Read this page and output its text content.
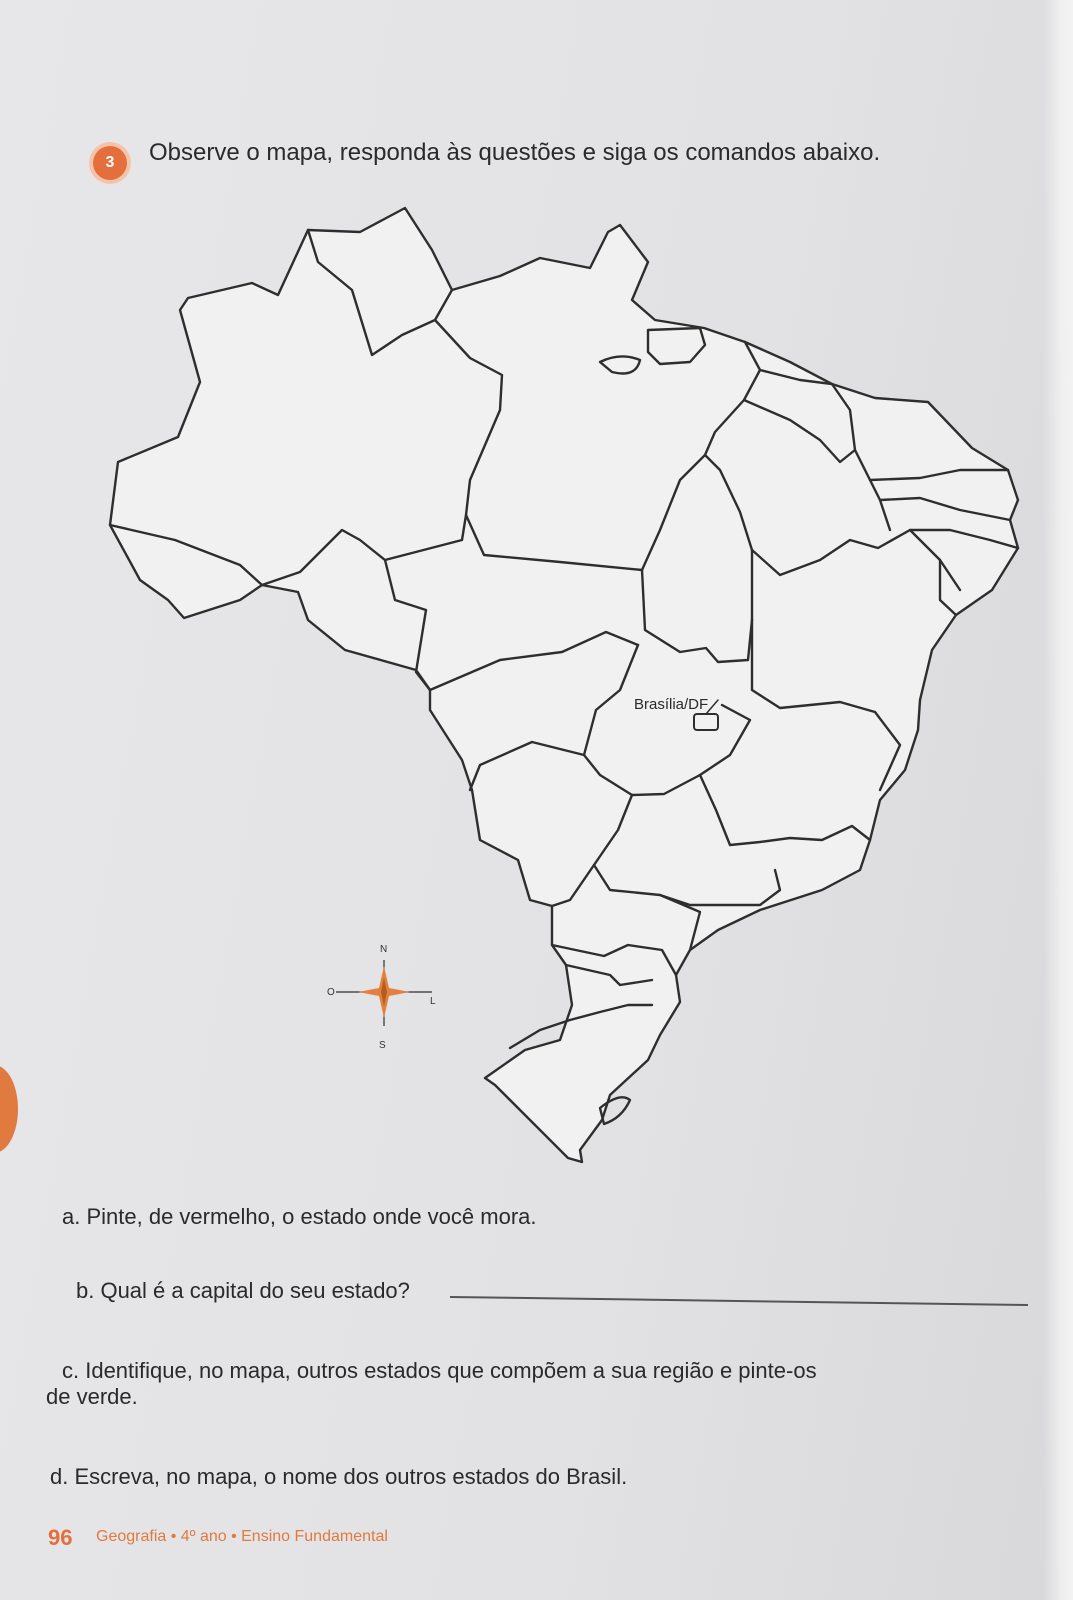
3	Observe o mapa, responda às questões e siga os comandos abaixo.
Brasília/DF
N
O
L
S
a. Pinte, de vermelho, o estado onde você mora.
b. Qual é a capital do seu estado?
c. Identifique, no mapa, outros estados que compõem a sua região e pinte-os
de verde.
d. Escreva, no mapa, o nome dos outros estados do Brasil.
96 Geografia • 4º ano • Ensino Fundamental
